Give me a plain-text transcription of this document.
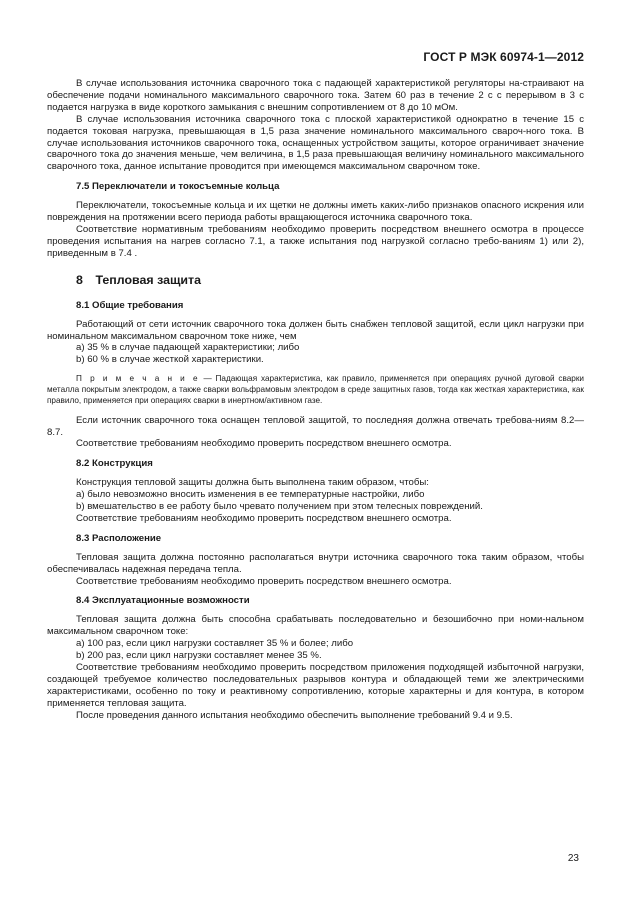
ГОСТ Р МЭК 60974-1—2012

В случае использования источника сварочного тока с падающей характеристикой регуляторы на-страивают на обеспечение подачи номинального максимального сварочного тока. Затем 60 раз в течение 2 с с перерывом в 3 с подается нагрузка в виде короткого замыкания с внешним сопротивлением от 8 до 10 мОм.

В случае использования источника сварочного тока с плоской характеристикой однократно в течение 15 с подается токовая нагрузка, превышающая в 1,5 раза значение номинального максимального свароч-ного тока. В случае использования источников сварочного тока, оснащенных устройством защиты, которое ограничивает значение сварочного тока до значения меньше, чем величина, в 1,5 раза превышающая величину номинального максимального сварочного тока, данное испытание проводится при имеющемся максимальном сварочном токе.

7.5 Переключатели и токосъемные кольца

Переключатели, токосъемные кольца и их щетки не должны иметь каких-либо признаков опасного искрения или повреждения на протяжении всего периода работы вращающегося источника сварочного тока.

Соответствие нормативным требованиям необходимо проверить посредством внешнего осмотра в процессе проведения испытания на нагрев согласно 7.1, а также испытания под нагрузкой согласно требо-ваниям 1) или 2), приведенным в 7.4 .

8 Тепловая защита

8.1 Общие требования

Работающий от сети источник сварочного тока должен быть снабжен тепловой защитой, если цикл нагрузки при номинальном максимальном сварочном токе ниже, чем

а) 35 % в случае падающей характеристики; либо

b) 60 % в случае жесткой характеристики.

П р и м е ч а н и е — Падающая характеристика, как правило, применяется при операциях ручной дуговой сварки металла покрытым электродом, а также сварки вольфрамовым электродом в среде защитных газов, тогда как жесткая характеристика, как правило, применяется при операциях сварки в инертном/активном газе.

Если источник сварочного тока оснащен тепловой защитой, то последняя должна отвечать требова-ниям 8.2—8.7.

Соответствие требованиям необходимо проверить посредством внешнего осмотра.

8.2 Конструкция

Конструкция тепловой защиты должна быть выполнена таким образом, чтобы:

а) было невозможно вносить изменения в ее температурные настройки, либо

b) вмешательство в ее работу было чревато получением при этом телесных повреждений.

Соответствие требованиям необходимо проверить посредством внешнего осмотра.

8.3 Расположение

Тепловая защита должна постоянно располагаться внутри источника сварочного тока таким образом, чтобы обеспечивалась надежная передача тепла.

Соответствие требованиям необходимо проверить посредством внешнего осмотра.

8.4 Эксплуатационные возможности

Тепловая защита должна быть способна срабатывать последовательно и безошибочно при номи-нальном максимальном сварочном токе:

а) 100 раз, если цикл нагрузки составляет 35 % и более; либо

b) 200 раз, если цикл нагрузки составляет менее 35 %.

Соответствие требованиям необходимо проверить посредством приложения подходящей избыточной нагрузки, создающей требуемое количество последовательных разрывов контура и обладающей теми же электрическими характеристиками, особенно по току и реактивному сопротивлению, которые характерны и для контура, в котором применяется тепловая защита.

После проведения данного испытания необходимо обеспечить выполнение требований 9.4 и 9.5.

23
